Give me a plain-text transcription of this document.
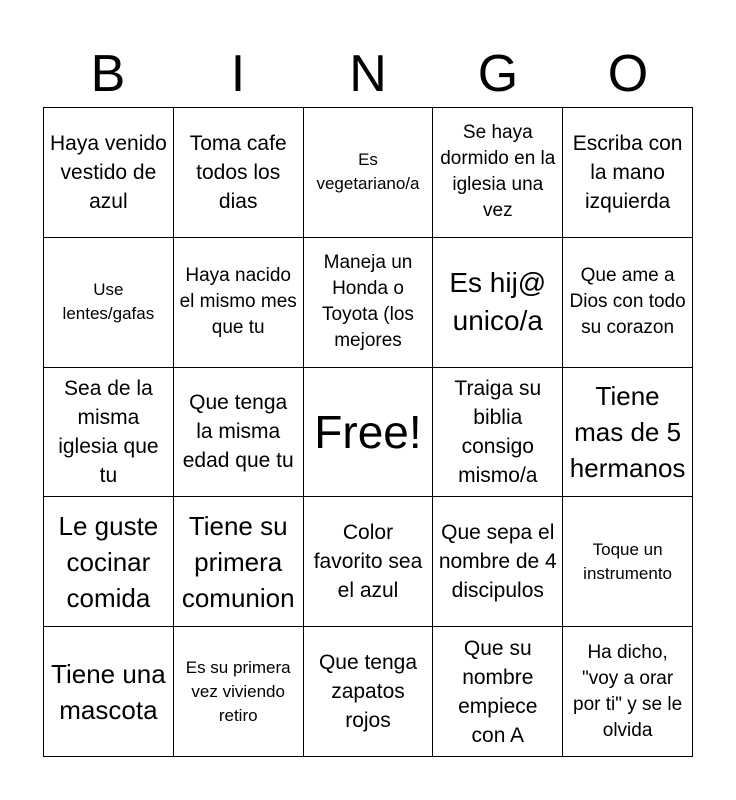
B	I	N	G	O
Haya venido vestido de azul
Toma cafe todos los dias
Es vegetariano/a
Se haya dormido en la iglesia una vez
Escriba con la mano izquierda
Use lentes/gafas
Haya nacido el mismo mes que tu
Maneja un Honda o Toyota (los mejores
Es hij@ unico/a
Que ame a Dios con todo su corazon
Sea de la misma iglesia que tu
Que tenga la misma edad que tu
Free!
Traiga su biblia consigo mismo/a
Tiene mas de 5 hermanos
Le guste cocinar comida
Tiene su primera comunion
Color favorito sea el azul
Que sepa el nombre de 4 discipulos
Toque un instrumento
Tiene una mascota
Es su primera vez viviendo retiro
Que tenga zapatos rojos
Que su nombre empiece con A
Ha dicho, "voy a orar por ti" y se le olvida
